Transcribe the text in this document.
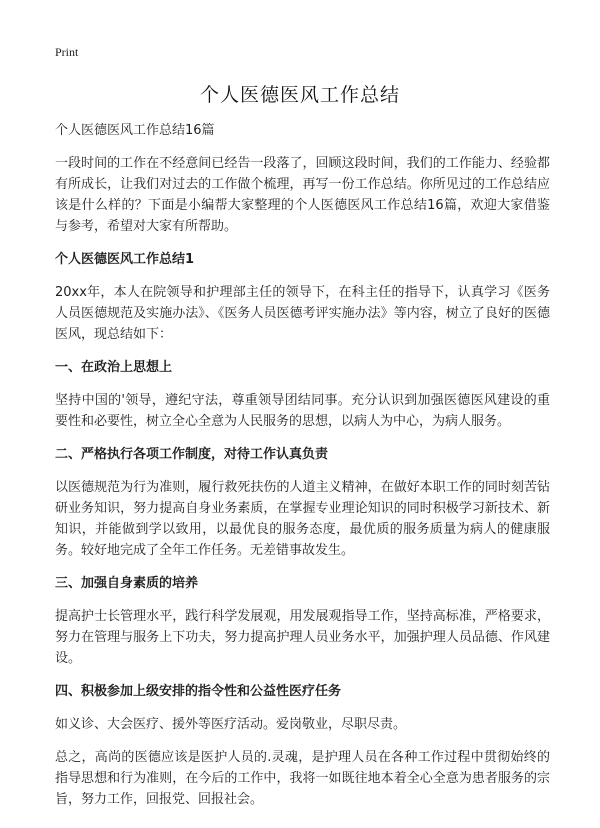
Print
个人医德医风工作总结

个人医德医风工作总结16篇

一段时间的工作在不经意间已经告一段落了，回顾这段时间，我们的工作能力、经验都有所成长，让我们对过去的工作做个梳理，再写一份工作总结。你所见过的工作总结应该是什么样的？下面是小编帮大家整理的个人医德医风工作总结16篇，欢迎大家借鉴与参考，希望对大家有所帮助。

个人医德医风工作总结1

20xx年，本人在院领导和护理部主任的领导下，在科主任的指导下，认真学习《医务人员医德规范及实施办法》、《医务人员医德考评实施办法》等内容，树立了良好的医德医风，现总结如下：

一、在政治上思想上

坚持中国的'领导，遵纪守法，尊重领导团结同事。充分认识到加强医德医风建设的重要性和必要性，树立全心全意为人民服务的思想，以病人为中心，为病人服务。

二、严格执行各项工作制度，对待工作认真负责

以医德规范为行为准则，履行救死扶伤的人道主义精神，在做好本职工作的同时刻苦钻研业务知识，努力提高自身业务素质，在掌握专业理论知识的同时积极学习新技术、新知识，并能做到学以致用，以最优良的服务态度，最优质的服务质量为病人的健康服务。较好地完成了全年工作任务。无差错事故发生。

三、加强自身素质的培养

提高护士长管理水平，践行科学发展观，用发展观指导工作，坚持高标准，严格要求，努力在管理与服务上下功夫，努力提高护理人员业务水平，加强护理人员品德、作风建设。

四、积极参加上级安排的指令性和公益性医疗任务

如义诊、大会医疗、援外等医疗活动。爱岗敬业，尽职尽责。

总之，高尚的医德应该是医护人员的.灵魂，是护理人员在各种工作过程中贯彻始终的指导思想和行为准则，在今后的工作中，我将一如既往地本着全心全意为患者服务的宗旨，努力工作，回报党、回报社会。
